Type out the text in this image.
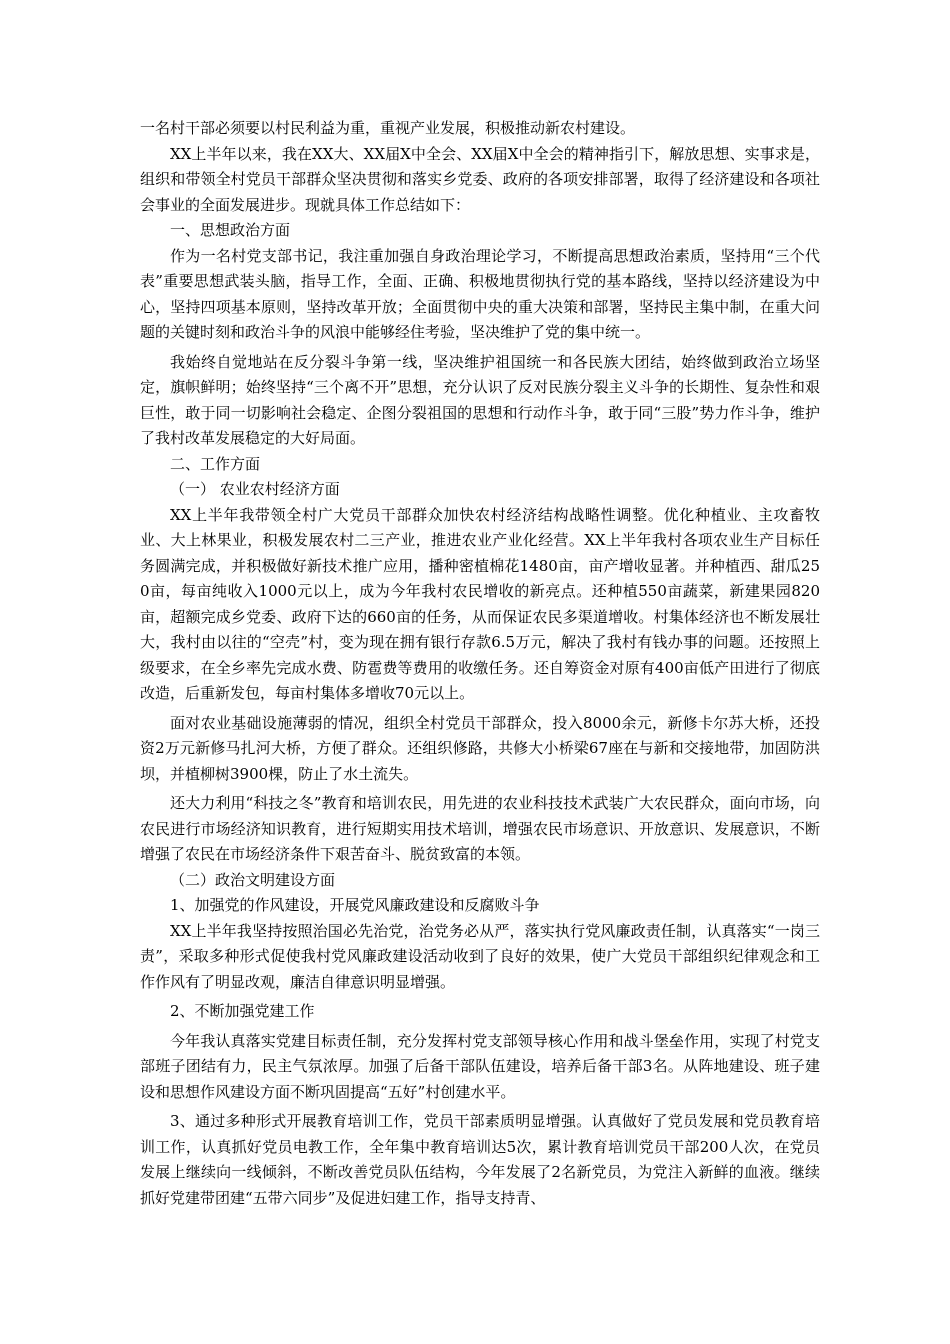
一名村干部必须要以村民利益为重，重视产业发展，积极推动新农村建设。

XX上半年以来，我在XX大、XX届X中全会、XX届X中全会的精神指引下，解放思想、实事求是，组织和带领全村党员干部群众坚决贯彻和落实乡党委、政府的各项安排部署，取得了经济建设和各项社会事业的全面发展进步。现就具体工作总结如下：

一、思想政治方面

作为一名村党支部书记，我注重加强自身政治理论学习，不断提高思想政治素质，坚持用“三个代表”重要思想武装头脑，指导工作，全面、正确、积极地贯彻执行党的基本路线，坚持以经济建设为中心，坚持四项基本原则，坚持改革开放；全面贯彻中央的重大决策和部署，坚持民主集中制，在重大问题的关键时刻和政治斗争的风浪中能够经住考验，坚决维护了党的集中统一。

我始终自觉地站在反分裂斗争第一线，坚决维护祖国统一和各民族大团结，始终做到政治立场坚定，旗帜鲜明；始终坚持“三个离不开”思想，充分认识了反对民族分裂主义斗争的长期性、复杂性和艰巨性，敢于同一切影响社会稳定、企图分裂祖国的思想和行动作斗争，敢于同“三股”势力作斗争，维护了我村改革发展稳定的大好局面。

二、工作方面

（一） 农业农村经济方面

XX上半年我带领全村广大党员干部群众加快农村经济结构战略性调整。优化种植业、主攻畜牧业、大上林果业，积极发展农村二三产业，推进农业产业化经营。XX上半年我村各项农业生产目标任务圆满完成，并积极做好新技术推广应用，播种密植棉花1480亩，亩产增收显著。并种植西、甜瓜250亩，每亩纯收入1000元以上，成为今年我村农民增收的新亮点。还种植550亩蔬菜，新建果园820亩，超额完成乡党委、政府下达的660亩的任务，从而保证农民多渠道增收。村集体经济也不断发展壮大，我村由以往的“空壳”村，变为现在拥有银行存款6.5万元，解决了我村有钱办事的问题。还按照上级要求，在全乡率先完成水费、防雹费等费用的收缴任务。还自筹资金对原有400亩低产田进行了彻底改造，后重新发包，每亩村集体多增收70元以上。

面对农业基础设施薄弱的情况，组织全村党员干部群众，投入8000余元，新修卡尔苏大桥，还投资2万元新修马扎河大桥，方便了群众。还组织修路，共修大小桥梁67座在与新和交接地带，加固防洪坝，并植柳树3900棵，防止了水土流失。

还大力利用“科技之冬”教育和培训农民，用先进的农业科技技术武装广大农民群众，面向市场，向农民进行市场经济知识教育，进行短期实用技术培训，增强农民市场意识、开放意识、发展意识，不断增强了农民在市场经济条件下艰苦奋斗、脱贫致富的本领。

（二）政治文明建设方面

1、加强党的作风建设，开展党风廉政建设和反腐败斗争

XX上半年我坚持按照治国必先治党，治党务必从严，落实执行党风廉政责任制，认真落实“一岗三责”，采取多种形式促使我村党风廉政建设活动收到了良好的效果，使广大党员干部组织纪律观念和工作作风有了明显改观，廉洁自律意识明显增强。

2、不断加强党建工作

今年我认真落实党建目标责任制，充分发挥村党支部领导核心作用和战斗堡垒作用，实现了村党支部班子团结有力，民主气氛浓厚。加强了后备干部队伍建设，培养后备干部3名。从阵地建设、班子建设和思想作风建设方面不断巩固提高“五好”村创建水平。

3、通过多种形式开展教育培训工作，党员干部素质明显增强。认真做好了党员发展和党员教育培训工作，认真抓好党员电教工作，全年集中教育培训达5次，累计教育培训党员干部200人次，在党员发展上继续向一线倾斜，不断改善党员队伍结构，今年发展了2名新党员，为党注入新鲜的血液。继续抓好党建带团建“五带六同步”及促进妇建工作，指导支持青、
